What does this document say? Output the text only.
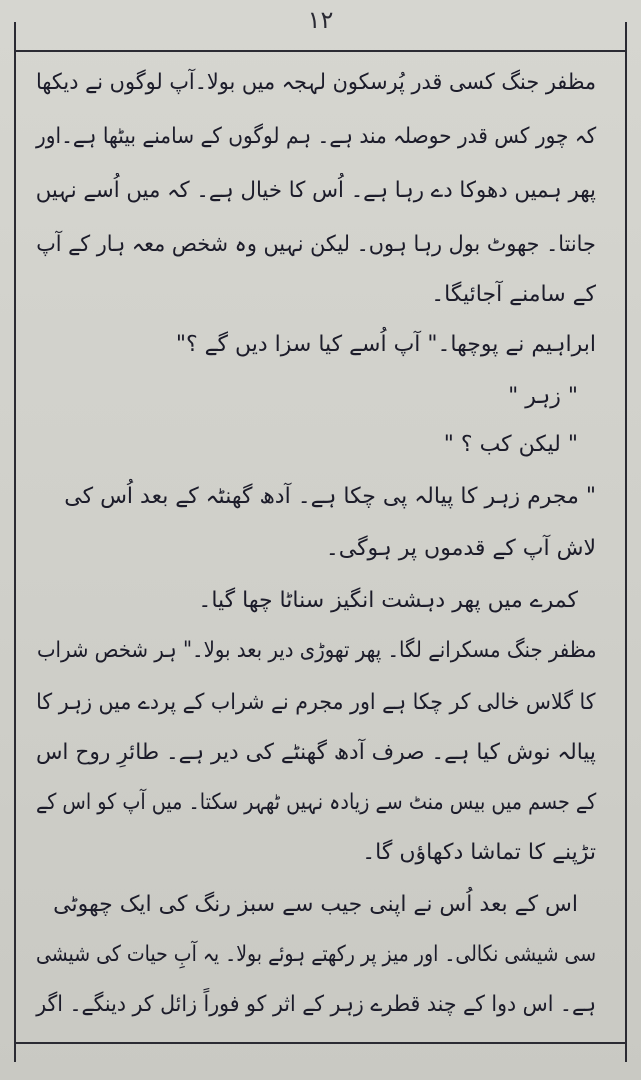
۱۲
مظفر جنگ کسی قدر پُرسکون لہجہ میں بولا۔آپ لوگوں نے دیکھا
کہ چور کس قدر حوصلہ مند ہے۔ ہم لوگوں کے سامنے بیٹھا ہے۔اور
پھر ہمیں دھوکا دے رہا ہے۔ اُس کا خیال ہے۔ کہ میں اُسے نہیں
جانتا۔ جھوٹ بول رہا ہوں۔ لیکن نہیں وہ شخص معہ ہار کے آپ
کے سامنے آجائیگا۔
ابراہیم نے پوچھا۔" آپ اُسے کیا سزا دیں گے ؟"
" زہر "
" لیکن کب ؟ "
" مجرم زہر کا پیالہ پی چکا ہے۔ آدھ گھنٹہ کے بعد اُس کی
لاش آپ کے قدموں پر ہوگی۔
کمرے میں پھر دہشت انگیز سناٹا چھا گیا۔
مظفر جنگ مسکرانے لگا۔ پھر تھوڑی دیر بعد بولا۔" ہر شخص شراب
کا گلاس خالی کر چکا ہے اور مجرم نے شراب کے پردے میں زہر کا
پیالہ نوش کیا ہے۔ صرف آدھ گھنٹے کی دیر ہے۔ طائرِ روح اس
کے جسم میں بیس منٹ سے زیادہ نہیں ٹھہر سکتا۔ میں آپ کو اس کے
تڑپنے کا تماشا دکھاؤں گا۔
اس کے بعد اُس نے اپنی جیب سے سبز رنگ کی ایک چھوٹی
سی شیشی نکالی۔ اور میز پر رکھتے ہوئے بولا۔ یہ آبِ حیات کی شیشی
ہے۔ اس دوا کے چند قطرے زہر کے اثر کو فوراً زائل کر دینگے۔ اگر
